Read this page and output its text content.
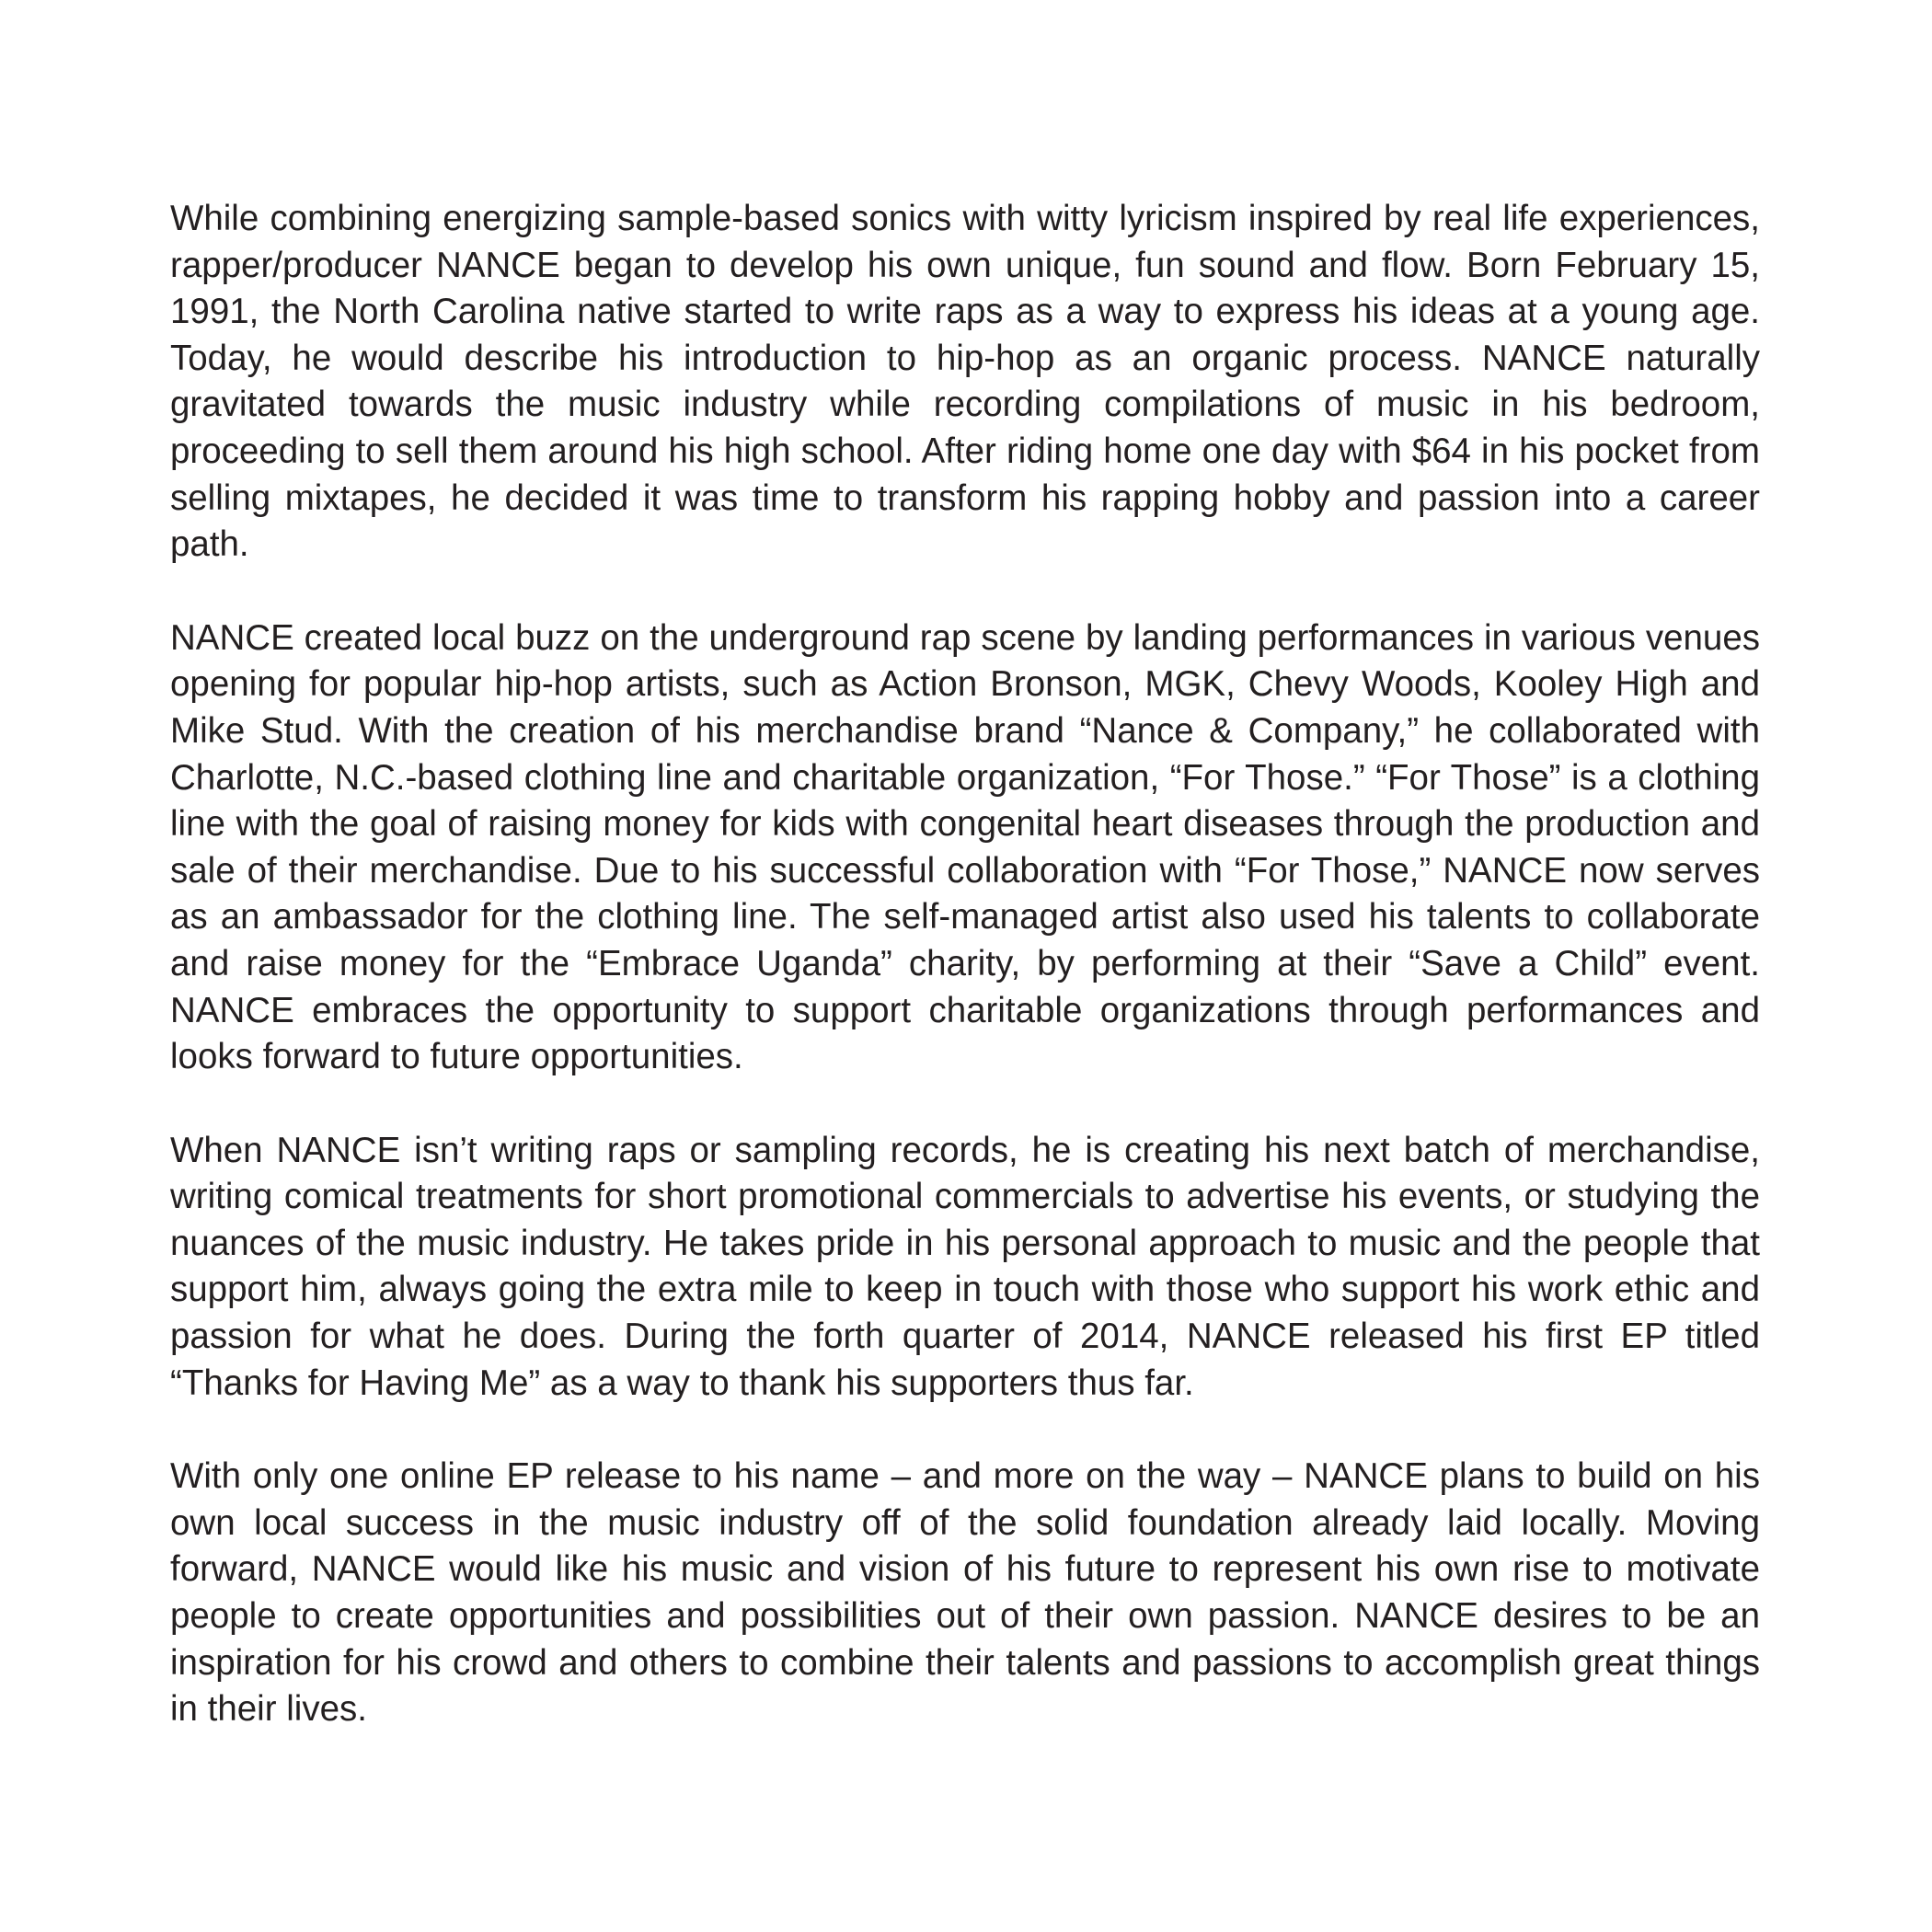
While combining energizing sample-based sonics with witty lyricism inspired by real life experiences, rapper/producer NANCE began to develop his own unique, fun sound and flow. Born February 15, 1991, the North Carolina native started to write raps as a way to express his ideas at a young age. Today, he would describe his introduction to hip-hop as an organic process. NANCE naturally gravitated towards the music industry while recording compilations of music in his bedroom, proceeding to sell them around his high school. After riding home one day with $64 in his pocket from selling mixtapes, he decided it was time to transform his rapping hobby and passion into a career path.

NANCE created local buzz on the underground rap scene by landing performances in various venues opening for popular hip-hop artists, such as Action Bronson, MGK, Chevy Woods, Kooley High and Mike Stud. With the creation of his merchandise brand “Nance & Company,” he collaborated with Charlotte, N.C.-based clothing line and charitable organization, “For Those.” “For Those” is a clothing line with the goal of raising money for kids with congenital heart diseases through the production and sale of their merchandise. Due to his successful collaboration with “For Those,” NANCE now serves as an ambassador for the clothing line. The self-managed artist also used his talents to collaborate and raise money for the “Embrace Uganda” charity, by performing at their “Save a Child” event. NANCE embraces the opportunity to support charitable organizations through performances and looks forward to future opportunities.

When NANCE isn’t writing raps or sampling records, he is creating his next batch of merchandise, writing comical treatments for short promotional commercials to advertise his events, or studying the nuances of the music industry. He takes pride in his personal approach to music and the people that support him, always going the extra mile to keep in touch with those who support his work ethic and passion for what he does. During the forth quarter of 2014, NANCE released his first EP titled “Thanks for Having Me” as a way to thank his supporters thus far.

With only one online EP release to his name – and more on the way – NANCE plans to build on his own local success in the music industry off of the solid foundation already laid locally. Moving forward, NANCE would like his music and vision of his future to represent his own rise to motivate people to create opportunities and possibilities out of their own passion. NANCE desires to be an inspiration for his crowd and others to combine their talents and passions to accomplish great things in their lives.
